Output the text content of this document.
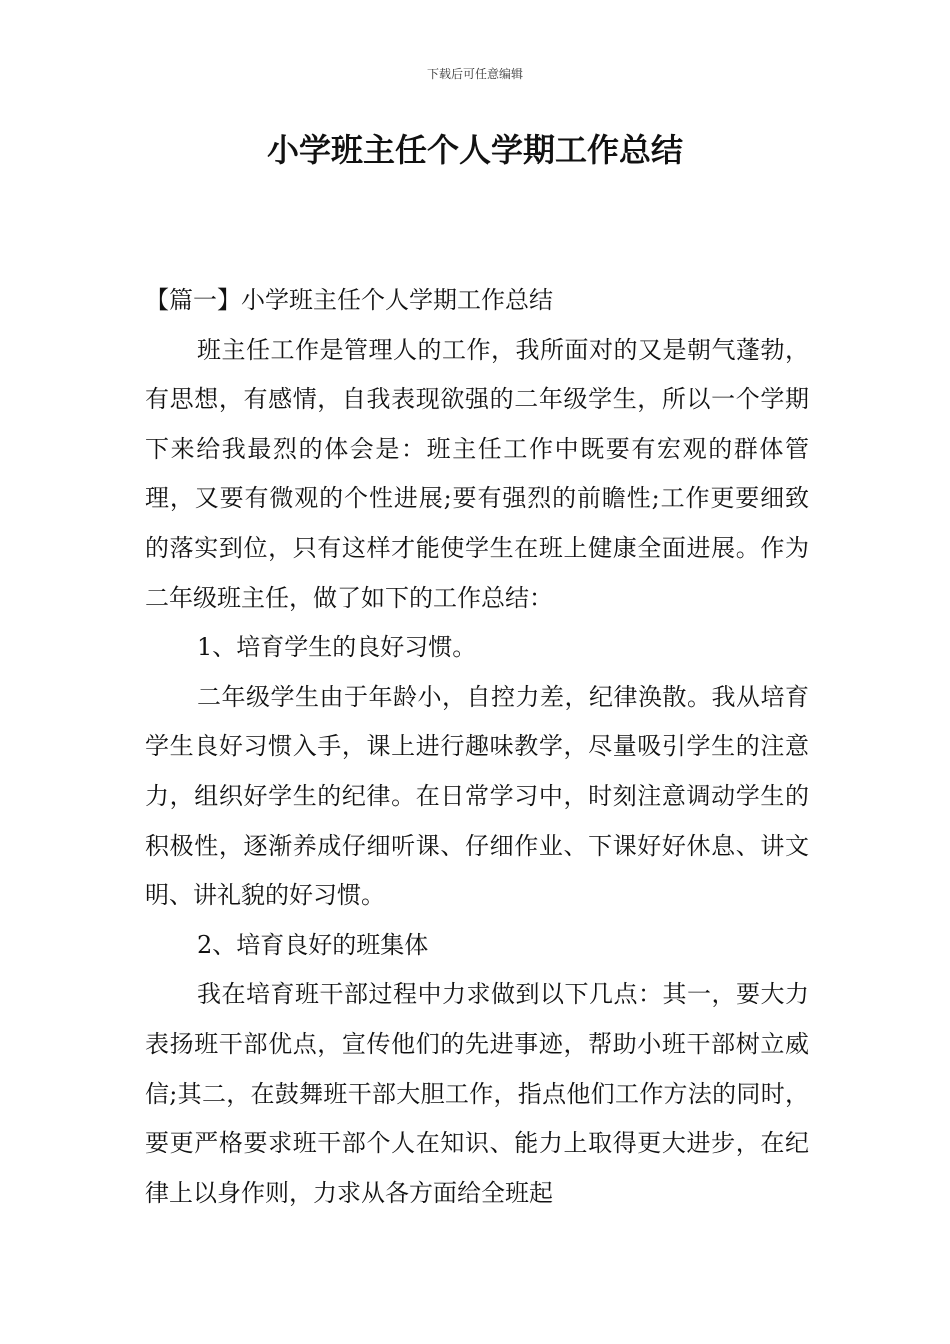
下载后可任意编辑
小学班主任个人学期工作总结

【篇一】小学班主任个人学期工作总结

班主任工作是管理人的工作，我所面对的又是朝气蓬勃，有思想，有感情，自我表现欲强的二年级学生，所以一个学期下来给我最烈的体会是：班主任工作中既要有宏观的群体管理，又要有微观的个性进展;要有强烈的前瞻性;工作更要细致的落实到位，只有这样才能使学生在班上健康全面进展。作为二年级班主任，做了如下的工作总结：

1、培育学生的良好习惯。

二年级学生由于年龄小，自控力差，纪律涣散。我从培育学生良好习惯入手，课上进行趣味教学，尽量吸引学生的注意力，组织好学生的纪律。在日常学习中，时刻注意调动学生的积极性，逐渐养成仔细听课、仔细作业、下课好好休息、讲文明、讲礼貌的好习惯。

2、培育良好的班集体

我在培育班干部过程中力求做到以下几点：其一，要大力表扬班干部优点，宣传他们的先进事迹，帮助小班干部树立威信;其二，在鼓舞班干部大胆工作，指点他们工作方法的同时，要更严格要求班干部个人在知识、能力上取得更大进步，在纪律上以身作则，力求从各方面给全班起
